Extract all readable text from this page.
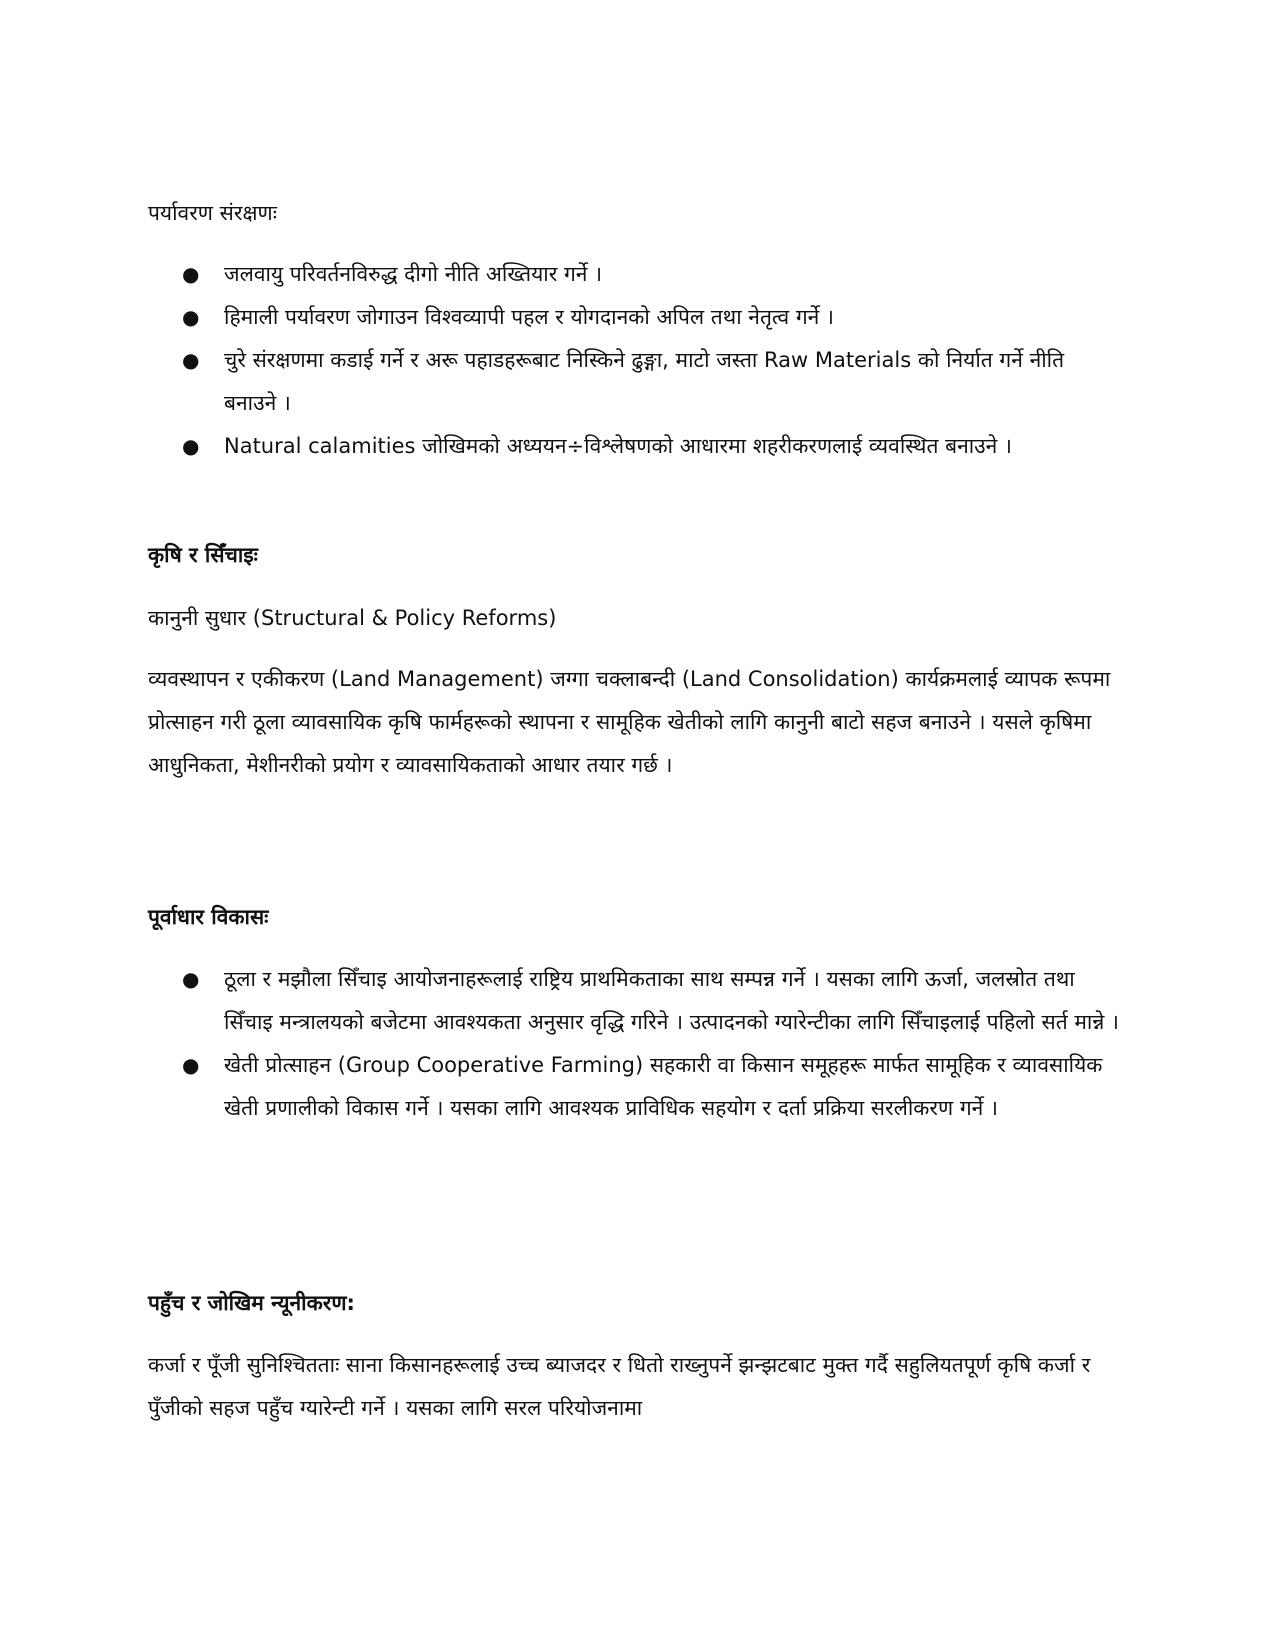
पर्यावरण संरक्षणः
● जलवायु परिवर्तनविरुद्ध दीगो नीति अख्तियार गर्ने ।
● हिमाली पर्यावरण जोगाउन विश्वव्यापी पहल र योगदानको अपिल तथा नेतृत्व गर्ने ।
● चुरे संरक्षणमा कडाई गर्ने र अरू पहाडहरूबाट निस्किने ढुङ्गा, माटो जस्ता Raw Materials को निर्यात गर्ने नीति बनाउने ।
● Natural calamities जोखिमको अध्ययन÷विश्लेषणको आधारमा शहरीकरणलाई व्यवस्थित बनाउने ।
कृषि र सिँचाइः
कानुनी सुधार (Structural & Policy Reforms)

व्यवस्थापन र एकीकरण (Land Management) जग्गा चक्लाबन्दी (Land Consolidation) कार्यक्रमलाई व्यापक रूपमा प्रोत्साहन गरी ठूला व्यावसायिक कृषि फार्महरूको स्थापना र सामूहिक खेतीको लागि कानुनी बाटो सहज बनाउने । यसले कृषिमा आधुनिकता, मेशीनरीको प्रयोग र व्यावसायिकताको आधार तयार गर्छ ।

पूर्वाधार विकासः
● ठूला र मझौला सिँचाइ आयोजनाहरूलाई राष्ट्रिय प्राथमिकताका साथ सम्पन्न गर्ने । यसका लागि ऊर्जा, जलस्रोत तथा सिँचाइ मन्त्रालयको बजेटमा आवश्यकता अनुसार वृद्धि गरिने । उत्पादनको ग्यारेन्टीका लागि सिँचाइलाई पहिलो सर्त मान्ने ।
● खेती प्रोत्साहन (Group Cooperative Farming) सहकारी वा किसान समूहहरू मार्फत सामूहिक र व्यावसायिक खेती प्रणालीको विकास गर्ने । यसका लागि आवश्यक प्राविधिक सहयोग र दर्ता प्रक्रिया सरलीकरण गर्ने ।
पहुँच र जोखिम न्यूनीकरण:

कर्जा र पूँजी सुनिश्चितताः साना किसानहरूलाई उच्च ब्याजदर र धितो राख्नुपर्ने झन्झटबाट मुक्त गर्दै सहुलियतपूर्ण कृषि कर्जा र पुँजीको सहज पहुँच ग्यारेन्टी गर्ने । यसका लागि सरल परियोजनामा
